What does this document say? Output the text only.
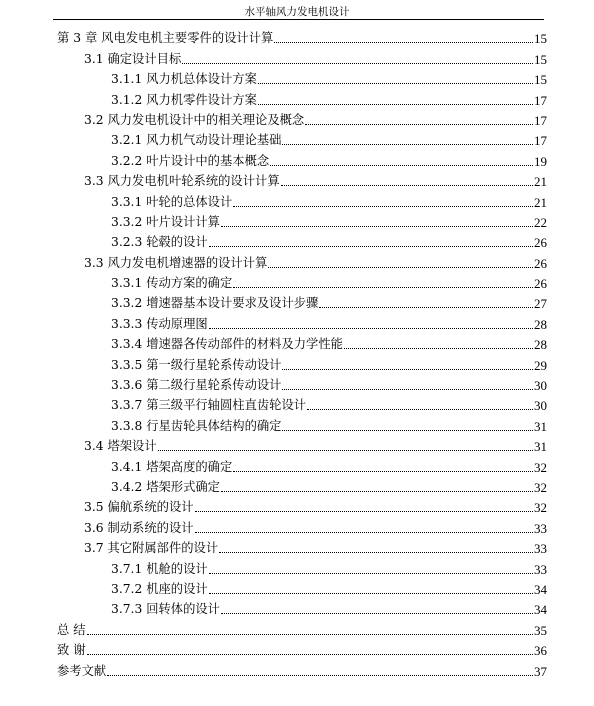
水平轴风力发电机设计
第 3 章 风电发电机主要零件的设计计算	15
3.1 确定设计目标	15
3.1.1 风力机总体设计方案	15
3.1.2 风力机零件设计方案	17
3.2 风力发电机设计中的相关理论及概念	17
3.2.1 风力机气动设计理论基础	17
3.2.2 叶片设计中的基本概念	19
3.3 风力发电机叶轮系统的设计计算	21
3.3.1 叶轮的总体设计	21
3.3.2 叶片设计计算	22
3.2.3 轮毂的设计	26
3.3 风力发电机增速器的设计计算	26
3.3.1 传动方案的确定	26
3.3.2 增速器基本设计要求及设计步骤	27
3.3.3 传动原理图	28
3.3.4 增速器各传动部件的材料及力学性能	28
3.3.5 第一级行星轮系传动设计	29
3.3.6 第二级行星轮系传动设计	30
3.3.7 第三级平行轴圆柱直齿轮设计	30
3.3.8 行星齿轮具体结构的确定	31
3.4 塔架设计	31
3.4.1 塔架高度的确定	32
3.4.2 塔架形式确定	32
3.5 偏航系统的设计	32
3.6 制动系统的设计	33
3.7 其它附属部件的设计	33
3.7.1 机舱的设计	33
3.7.2 机座的设计	34
3.7.3 回转体的设计	34
总 结	35
致 谢	36
参考文献	37
